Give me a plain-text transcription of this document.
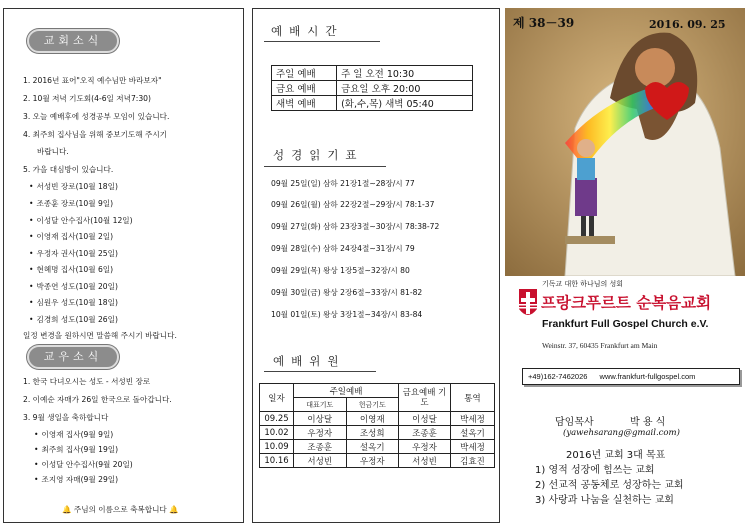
교회소식
1. 2016년 표어"오직 예수님만 바라보자"
2. 10월 저녁 기도회(4-6일 저녁7:30)
3. 오늘 예배후에 성경공부 모임이 있습니다.
4. 최주희 집사님을 위해 중보기도해 주시기
바랍니다.
5. 가을 대심방이 있습니다.
• 서성빈 장로(10월 18일)
• 조종훈 장로(10월 9일)
• 이성달 안수집사(10월 12일)
• 이영재 집사(10월 2일)
• 우정자 권사(10월 25일)
• 현혜명 집사(10월 6일)
• 박종연 성도(10월 20일)
• 심원우 성도(10월 18일)
• 김경희 성도(10월 26일)
일정 변경을 원하시면 말씀해 주시기 바랍니다.
교우소식
1. 한국 다녀오시는 성도 - 서성빈 장로
2. 이예순 자매가 26일 한국으로 돌아갑니다.
3. 9월 생일을 축하합니다
• 이영재 집사(9월 9일)
• 최주희 집사(9월 19일)
• 이성달 안수집사(9월 20일)
• 조지영 자매(9월 29일)
🔔 주님의 이름으로 축복합니다 🔔
예배시간
주일 예배	주 일 오전 10:30
금요 예배	금요일 오후 20:00
새벽 예배	(화,수,목) 새벽 05:40
성경읽기표
09월 25일(일) 삼하 21장1절~28장/시 77
09월 26일(월) 삼하 22장2절~29장/시 78:1-37
09월 27일(화) 삼하 23장3절~30장/시 78:38-72
09월 28일(수) 삼하 24장4절~31장/시 79
09월 29일(목) 왕상 1장5절~32장/시 80
09월 30일(금) 왕상 2장6절~33장/시 81-82
10월 01일(토) 왕상 3장1절~34장/시 83-84
예배위원
일자	주일예배		금요예배 기도	통역
	대표기도	헌금기도		
09.25	이상달	이영재	이성달	박세정
10.02	우정자	조성희	조종훈	설옥기
10.09	조종훈	설옥기	우정자	박세정
10.16	서성빈	우정자	서성빈	김효진
제 38－39	2016. 09. 25
기독교 대한 하나님의 성회
프랑크푸르트 순복음교회
Frankfurt Full Gospel Church e.V.
Weinstr. 37, 60435 Frankfurt am Main
+49)162-7462026 www.frankfurt-fullgospel.com
담임목사	박 용 식
(yawehsarang@gmail.com)
2016년 교회 3대 목표
1) 영적 성장에 힘쓰는 교회
2) 선교적 공동체로 성장하는 교회
3) 사랑과 나눔을 실천하는 교회
